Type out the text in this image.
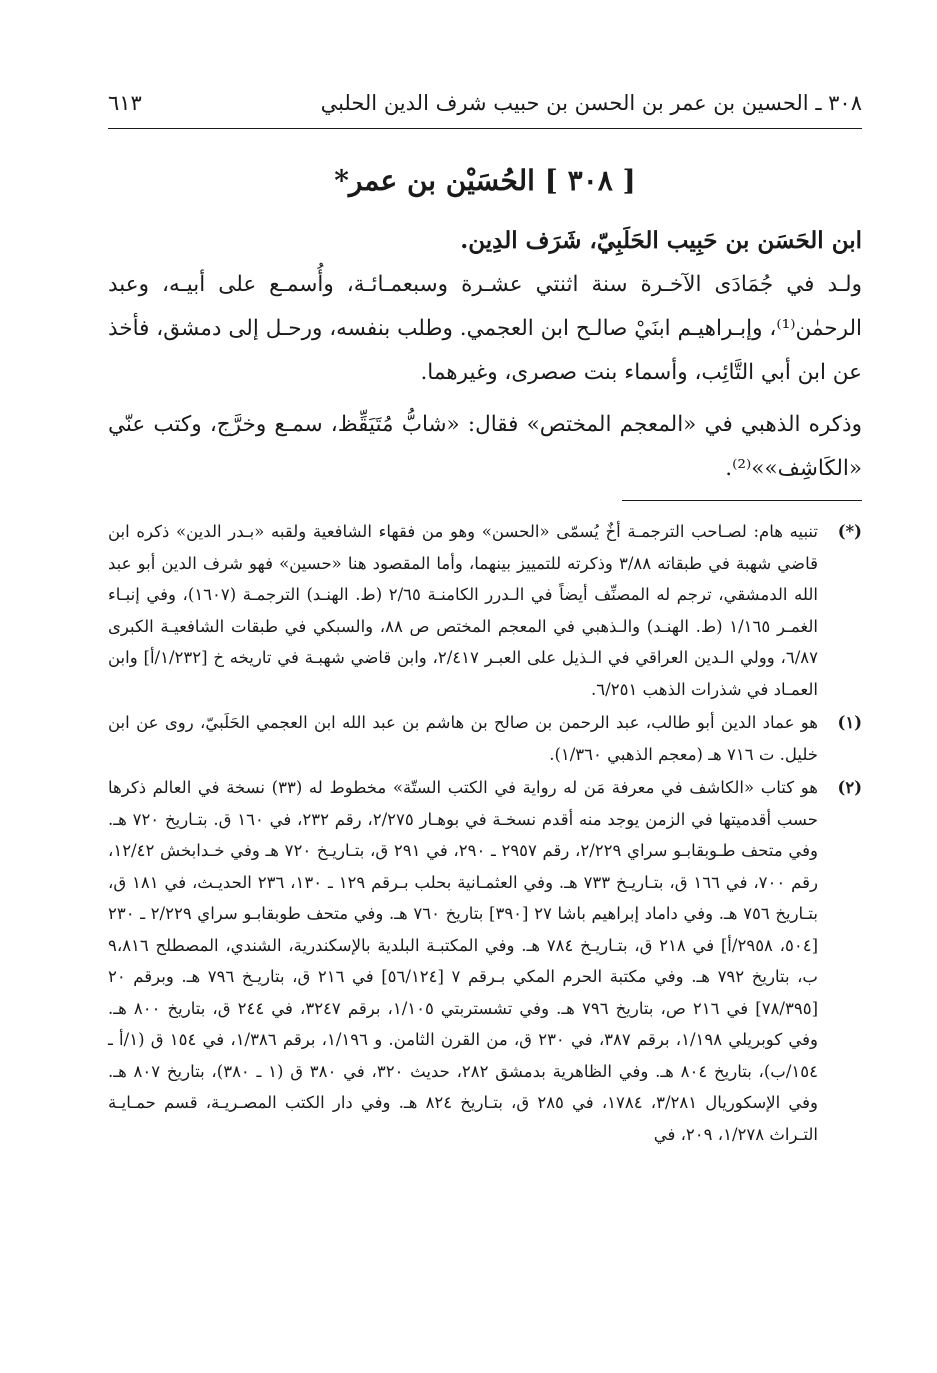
٣٠٨ ـ الحسين بن عمر بن الحسن بن حبيب شرف الدين الحلبي
٦١٣
[ ٣٠٨ ] الحُسَيْن بن عمر*

ابن الحَسَن بن حَبِيب الحَلَبِيّ، شَرَف الدِين.

ولـد في جُمَادَى الآخـرة سنة اثنتي عشـرة وسبعمـائـة، وأُسمـع على أبيـه، وعبد الرحمٰن⁽¹⁾، وإبـراهيـم ابنَيْ صالـح ابن العجمي. وطلب بنفسه، ورحـل إلى دمشق، فأخذ عن ابن أبي التَّائِب، وأسماء بنت صصرى، وغيرهما.

وذكره الذهبي في «المعجم المختص» فقال: «شابُّ مُتَيَقِّظ، سمـع وخرَّج، وكتب عنّي «الكَاشِف»»⁽²⁾.

(*)
تنبيه هام: لصـاحب الترجمـة أخٌ يُسمّى «الحسن» وهو من فقهاء الشافعية ولقبه «بـدر الدين» ذكره ابن قاضي شهبة في طبقاته ٣/٨٨ وذكرته للتمييز بينهما، وأما المقصود هنا «حسين» فهو شرف الدين أبو عبد الله الدمشقي، ترجم له المصنِّف أيضاً في الـدرر الكامنـة ٢/٦٥ (ط. الهنـد) الترجمـة (١٦٠٧)، وفي إنبـاء الغمـر ١/١٦٥ (ط. الهنـد) والـذهبي في المعجم المختص ص ٨٨، والسبكي في طبقات الشافعيـة الكبرى ٦/٨٧، وولي الـدين العراقي في الـذيل على العبـر ٢/٤١٧، وابن قاضي شهبـة في تاريخه خ [١/٢٣٢/أ] وابن العمـاد في شذرات الذهب ٦/٢٥١.
(١)
هو عماد الدين أبو طالب، عبد الرحمن بن صالح بن هاشم بن عبد الله ابن العجمي الحَلَبيّ، روى عن ابن خليل. ت ٧١٦ هـ (معجم الذهبي ١/٣٦٠).
(٢)
هو كتاب «الكاشف في معرفة مَن له رواية في الكتب الستّة» مخطوط له (٣٣) نسخة في العالم ذكرها حسب أقدميتها في الزمن يوجد منه أقدم نسخـة في بوهـار ٢/٢٧٥، رقم ٢٣٢، في ١٦٠ ق. بتـاريخ ٧٢٠ هـ. وفي متحف طـوبقابـو سراي ٢/٢٢٩، رقم ٢٩٥٧ ـ ٢٩٠، في ٢٩١ ق، بتـاريـخ ٧٢٠ هـ وفي خـدابخش ١٢/٤٢، رقم ٧٠٠، في ١٦٦ ق، بتـاريـخ ٧٣٣ هـ. وفي العثمـانية بحلب بـرقم ١٢٩ ـ ١٣٠، ٢٣٦ الحديـث، في ١٨١ ق، بتـاريخ ٧٥٦ هـ. وفي داماد إبراهيم باشا ٢٧ [٣٩٠] بتاريخ ٧٦٠ هـ. وفي متحف طوبقابـو سراي ٢/٢٢٩ ـ ٢٣٠ [٥٠٤، ٢٩٥٨/أ] في ٢١٨ ق، بتـاريـخ ٧٨٤ هـ. وفي المكتبـة البلدية بالإسكندرية، الشندي، المصطلح ٩،٨١٦ ب، بتاريخ ٧٩٢ هـ. وفي مكتبة الحرم المكي بـرقم ٧ [٥٦/١٢٤] في ٢١٦ ق، بتاريـخ ٧٩٦ هـ. وبرقم ٢٠ [٧٨/٣٩٥] في ٢١٦ ص، بتاريخ ٧٩٦ هـ. وفي تشستربتي ١/١٠٥، برقم ٣٢٤٧، في ٢٤٤ ق، بتاريخ ٨٠٠ هـ. وفي كوبريلي ١/١٩٨، برقم ٣٨٧، في ٢٣٠ ق، من القرن الثامن. و ١/١٩٦، برقم ١/٣٨٦، في ١٥٤ ق (١/أ ـ ١٥٤/ب)، بتاريخ ٨٠٤ هـ. وفي الظاهرية بدمشق ٢٨٢، حديث ٣٢٠، في ٣٨٠ ق (١ ـ ٣٨٠)، بتاريخ ٨٠٧ هـ. وفي الإسكوريال ٣/٢٨١، ١٧٨٤، في ٢٨٥ ق، بتـاريخ ٨٢٤ هـ. وفي دار الكتب المصـريـة، قسم حمـايـة التـراث ١/٢٧٨، ٢٠٩، في
